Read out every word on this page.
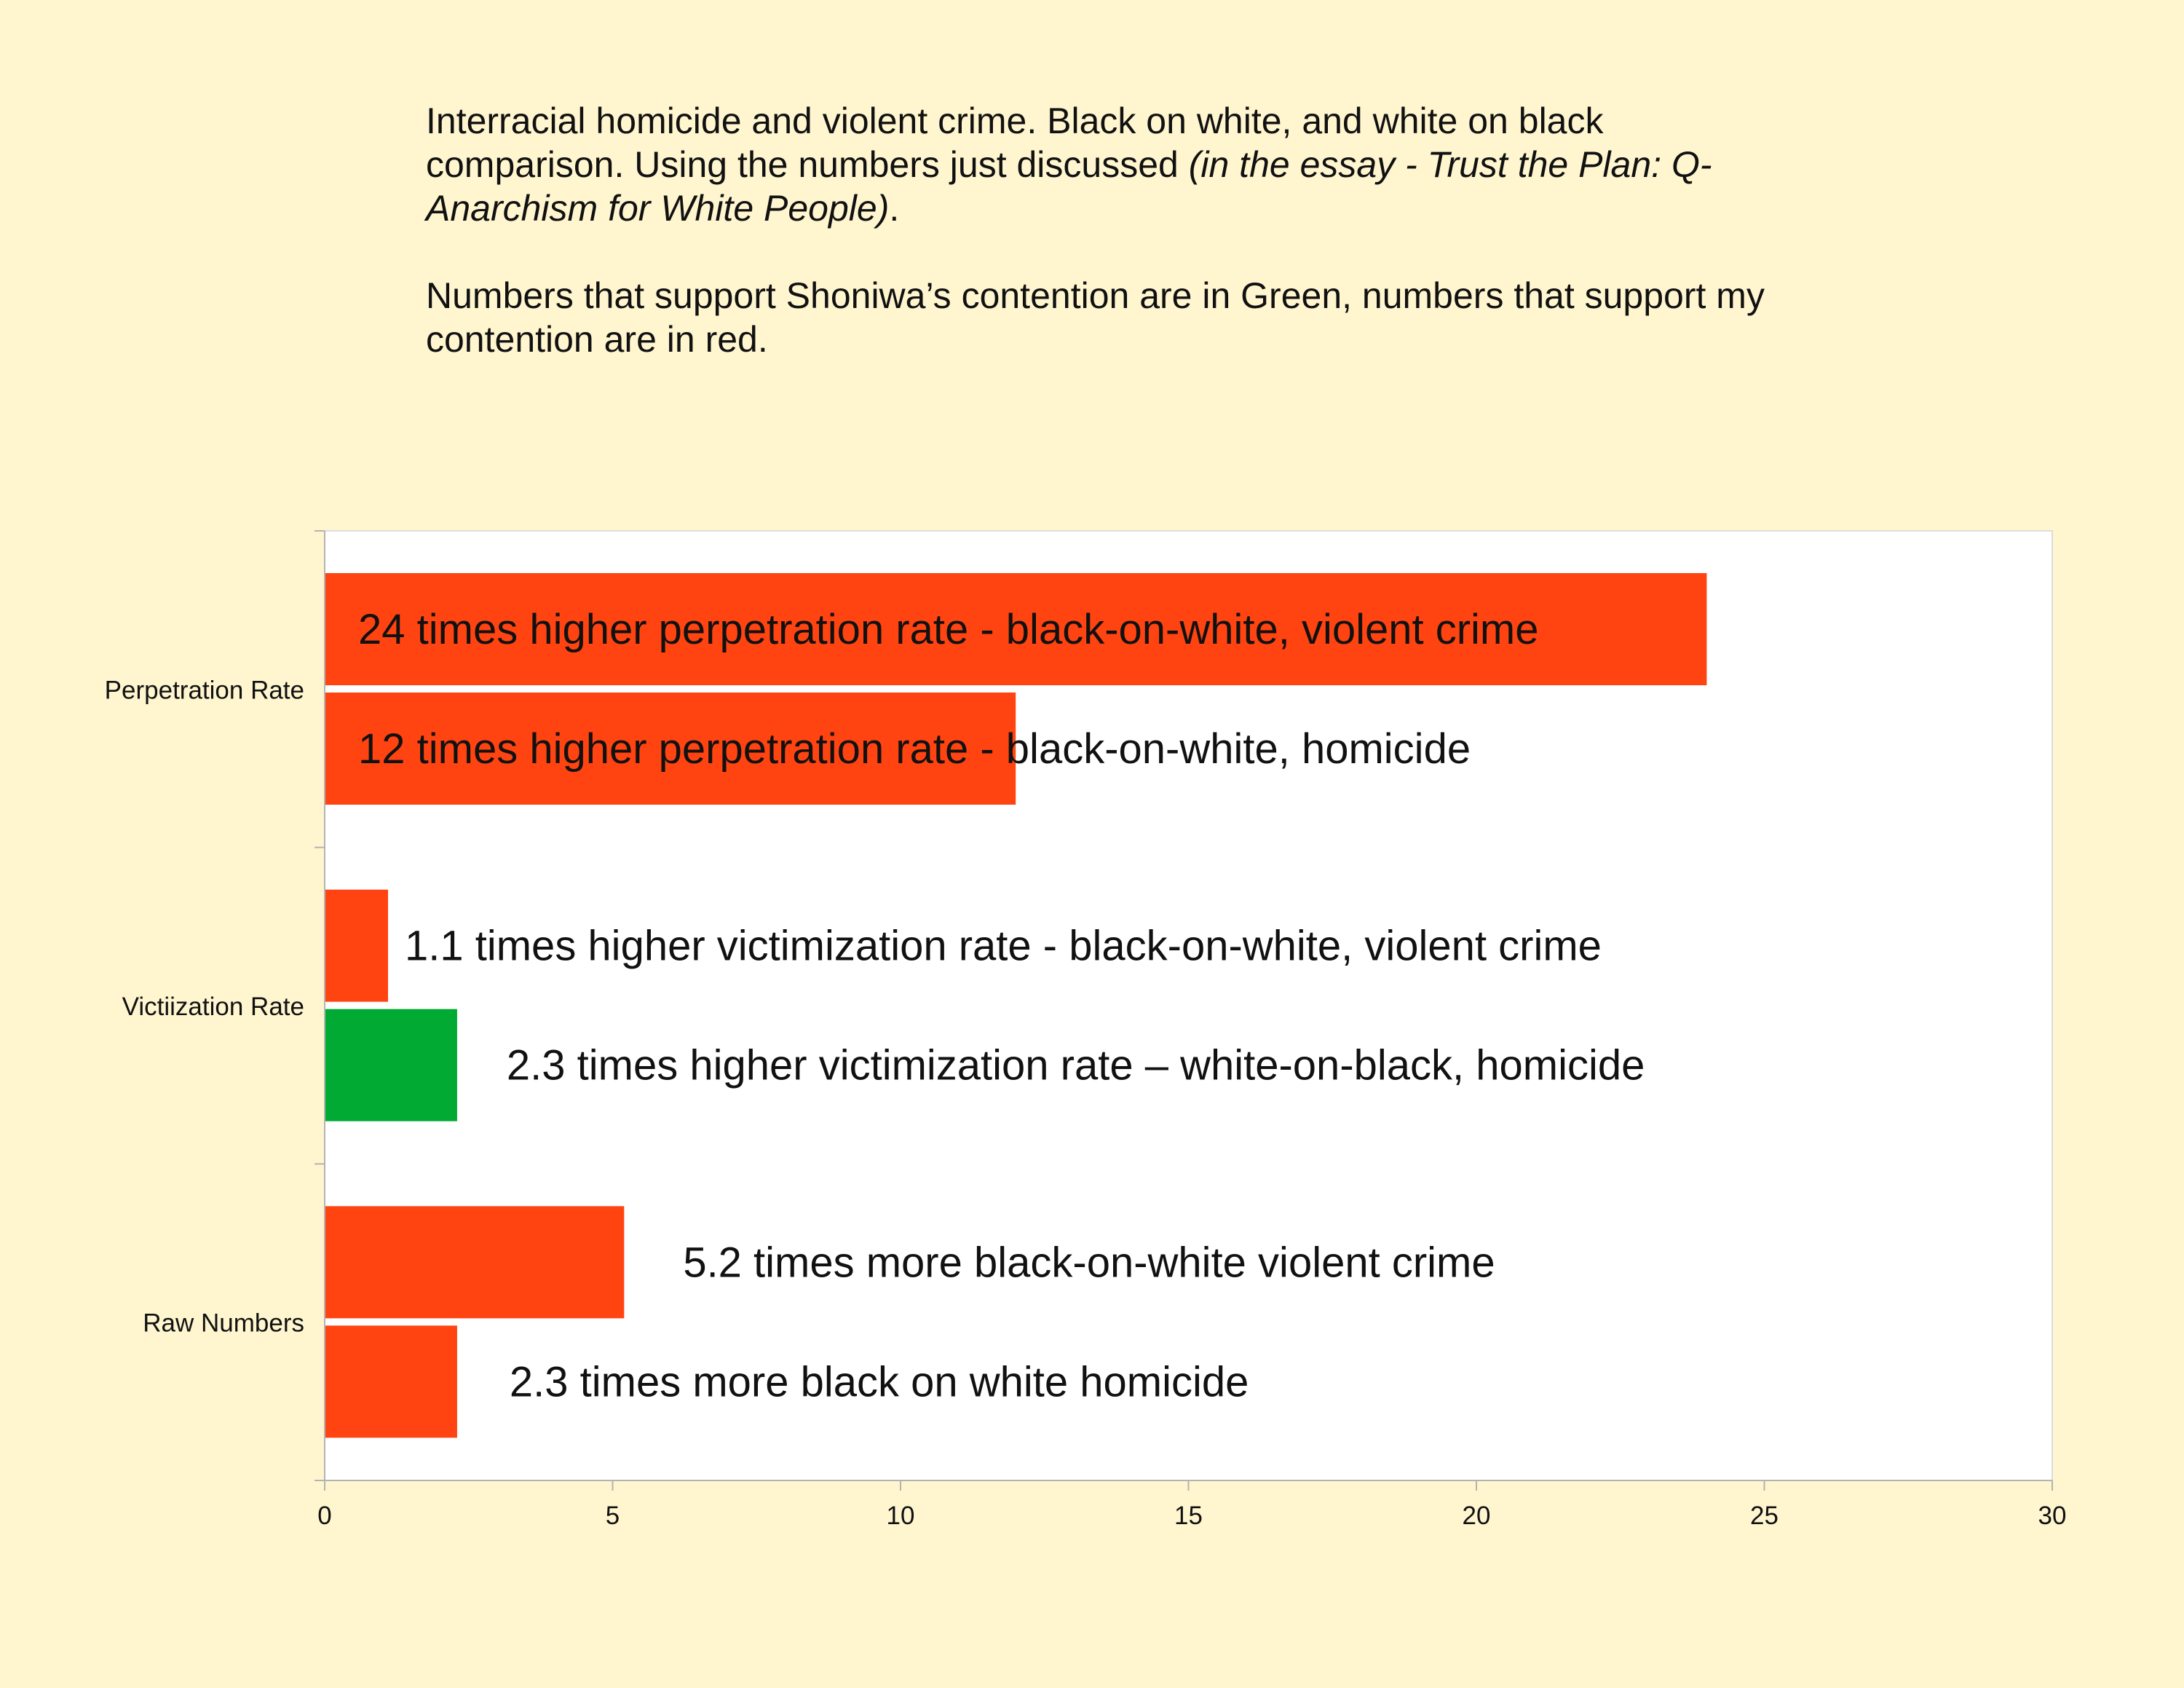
Interracial homicide and violent crime. Black on white, and white on black comparison. Using the numbers just discussed (in the essay - Trust the Plan: Q-Anarchism for White People).

Numbers that support Shoniwa’s contention are in Green, numbers that support my contention are in red.

24 times higher perpetration rate - black-on-white, violent crime
12 times higher perpetration rate - black-on-white, homicide
1.1 times higher victimization rate - black-on-white, violent crime
2.3 times higher victimization rate – white-on-black, homicide
5.2 times more black-on-white violent crime
2.3 times more black on white homicide
Perpetration Rate
Victiization Rate
Raw Numbers
0	5	10	15	20	25	30
